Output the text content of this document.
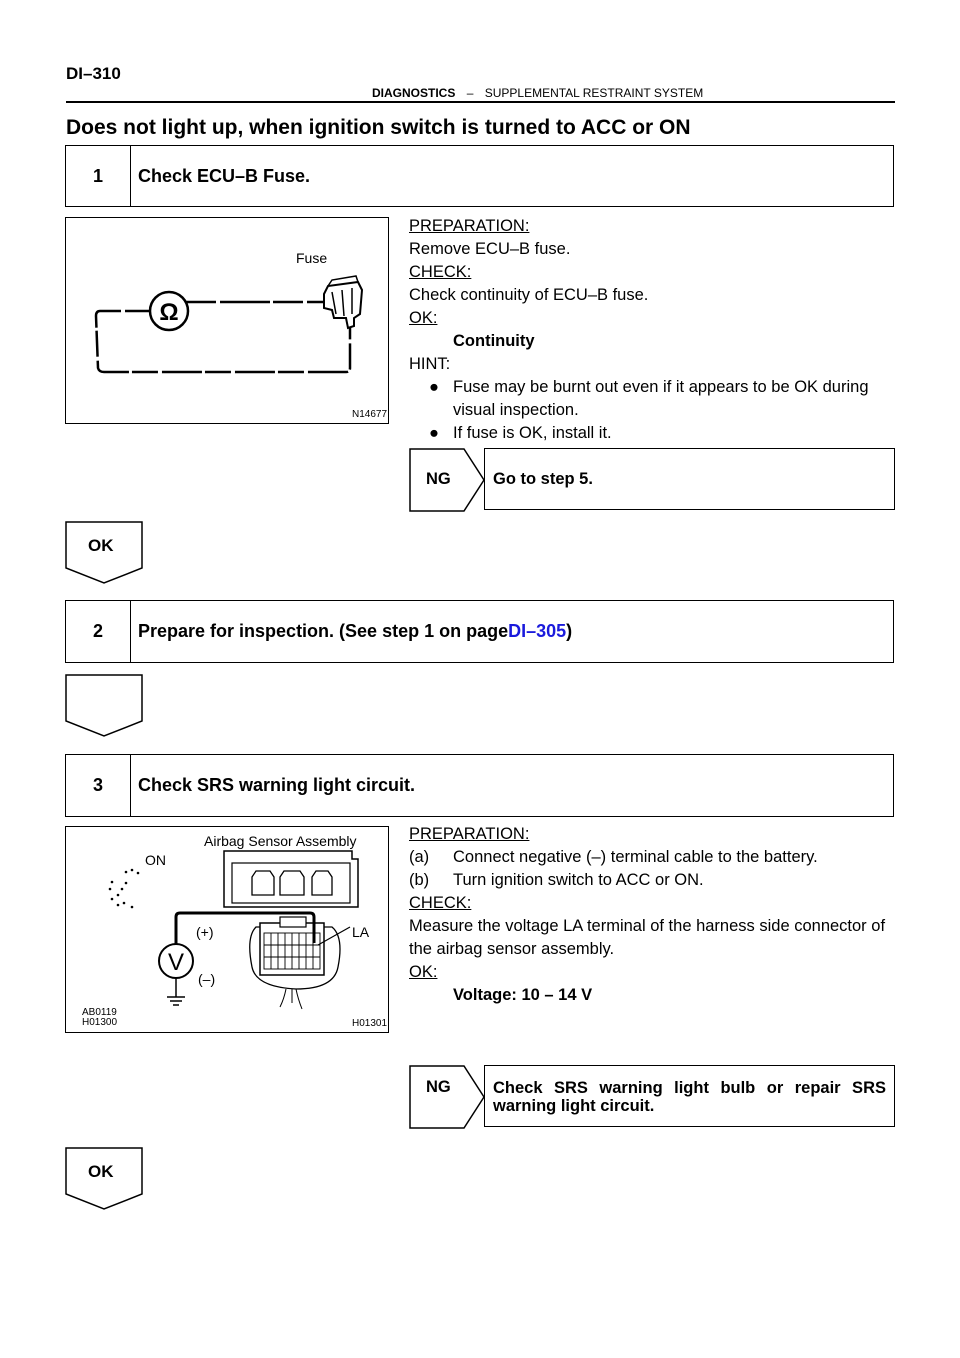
DI–310
DIAGNOSTICS – SUPPLEMENTAL RESTRAINT SYSTEM
Does not light up, when ignition switch is turned to ACC or ON
1	Check ECU–B Fuse.
Ω
Fuse
N14677
PREPARATION:
Remove ECU–B fuse.
CHECK:
Check continuity of ECU–B fuse.
OK:
Continuity
HINT:
● Fuse may be burnt out even if it appears to be OK during visual inspection.
● If fuse is OK, install it.
NG	Go to step 5.
OK
2	Prepare for inspection. (See step 1 on page DI–305 )
3	Check SRS warning light circuit.
Airbag Sensor Assembly
ON
V
(+)
(–)
LA
AB0119
H01300	H01301
PREPARATION:
(a)	Connect negative (–) terminal cable to the battery.
(b)	Turn ignition switch to ACC or ON.
CHECK:
Measure the voltage LA terminal of the harness side connector of the airbag sensor assembly.
OK:
Voltage: 10 – 14 V
NG	Check SRS warning light bulb or repair SRS warning light circuit.
OK
